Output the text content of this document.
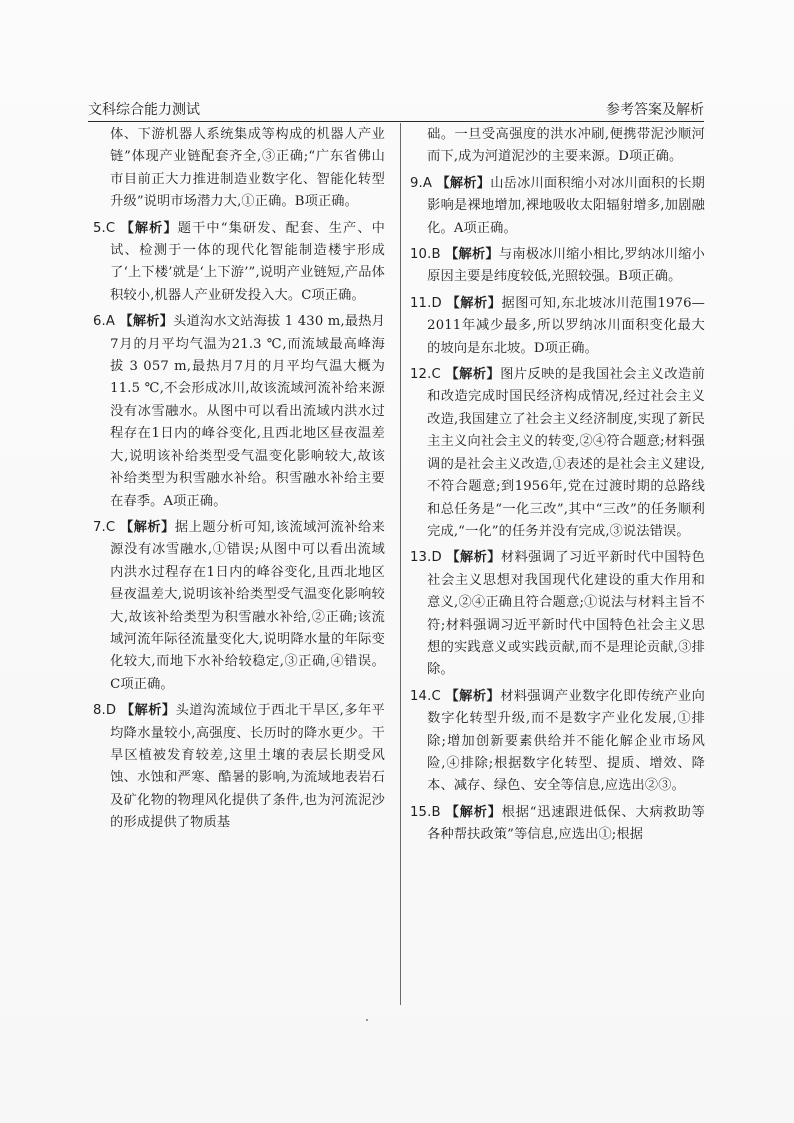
文科综合能力测试	参考答案及解析

体、下游机器人系统集成等构成的机器人产业链”体现产业链配套齐全,③正确;“广东省佛山市目前正大力推进制造业数字化、智能化转型升级”说明市场潜力大,①正确。B项正确。

5.C 【解析】题干中“集研发、配套、生产、中试、检测于一体的现代化智能制造楼宇形成了‘上下楼’就是‘上下游’”,说明产业链短,产品体积较小,机器人产业研发投入大。C项正确。

6.A 【解析】头道沟水文站海拔 1 430 m,最热月7月的月平均气温为21.3 ℃,而流域最高峰海拔 3 057 m,最热月7月的月平均气温大概为11.5 ℃,不会形成冰川,故该流域河流补给来源没有冰雪融水。从图中可以看出流域内洪水过程存在1日内的峰谷变化,且西北地区昼夜温差大,说明该补给类型受气温变化影响较大,故该补给类型为积雪融水补给。积雪融水补给主要在春季。A项正确。

7.C 【解析】据上题分析可知,该流域河流补给来源没有冰雪融水,①错误;从图中可以看出流域内洪水过程存在1日内的峰谷变化,且西北地区昼夜温差大,说明该补给类型受气温变化影响较大,故该补给类型为积雪融水补给,②正确;该流域河流年际径流量变化大,说明降水量的年际变化较大,而地下水补给较稳定,③正确,④错误。C项正确。

8.D 【解析】头道沟流域位于西北干旱区,多年平均降水量较小,高强度、长历时的降水更少。干旱区植被发育较差,这里土壤的表层长期受风蚀、水蚀和严寒、酷暑的影响,为流域地表岩石及矿化物的物理风化提供了条件,也为河流泥沙的形成提供了物质基

础。一旦受高强度的洪水冲刷,便携带泥沙顺河而下,成为河道泥沙的主要来源。D项正确。

9.A 【解析】山岳冰川面积缩小对冰川面积的长期影响是裸地增加,裸地吸收太阳辐射增多,加剧融化。A项正确。

10.B 【解析】与南极冰川缩小相比,罗纳冰川缩小原因主要是纬度较低,光照较强。B项正确。

11.D 【解析】据图可知,东北坡冰川范围1976—2011年减少最多,所以罗纳冰川面积变化最大的坡向是东北坡。D项正确。

12.C 【解析】图片反映的是我国社会主义改造前和改造完成时国民经济构成情况,经过社会主义改造,我国建立了社会主义经济制度,实现了新民主主义向社会主义的转变,②④符合题意;材料强调的是社会主义改造,①表述的是社会主义建设,不符合题意;到1956年,党在过渡时期的总路线和总任务是“一化三改”,其中“三改”的任务顺利完成,“一化”的任务并没有完成,③说法错误。

13.D 【解析】材料强调了习近平新时代中国特色社会主义思想对我国现代化建设的重大作用和意义,②④正确且符合题意;①说法与材料主旨不符;材料强调习近平新时代中国特色社会主义思想的实践意义或实践贡献,而不是理论贡献,③排除。

14.C 【解析】材料强调产业数字化即传统产业向数字化转型升级,而不是数字产业化发展,①排除;增加创新要素供给并不能化解企业市场风险,④排除;根据数字化转型、提质、增效、降本、减存、绿色、安全等信息,应选出②③。

15.B 【解析】根据“迅速跟进低保、大病救助等各种帮扶政策”等信息,应选出①;根据
